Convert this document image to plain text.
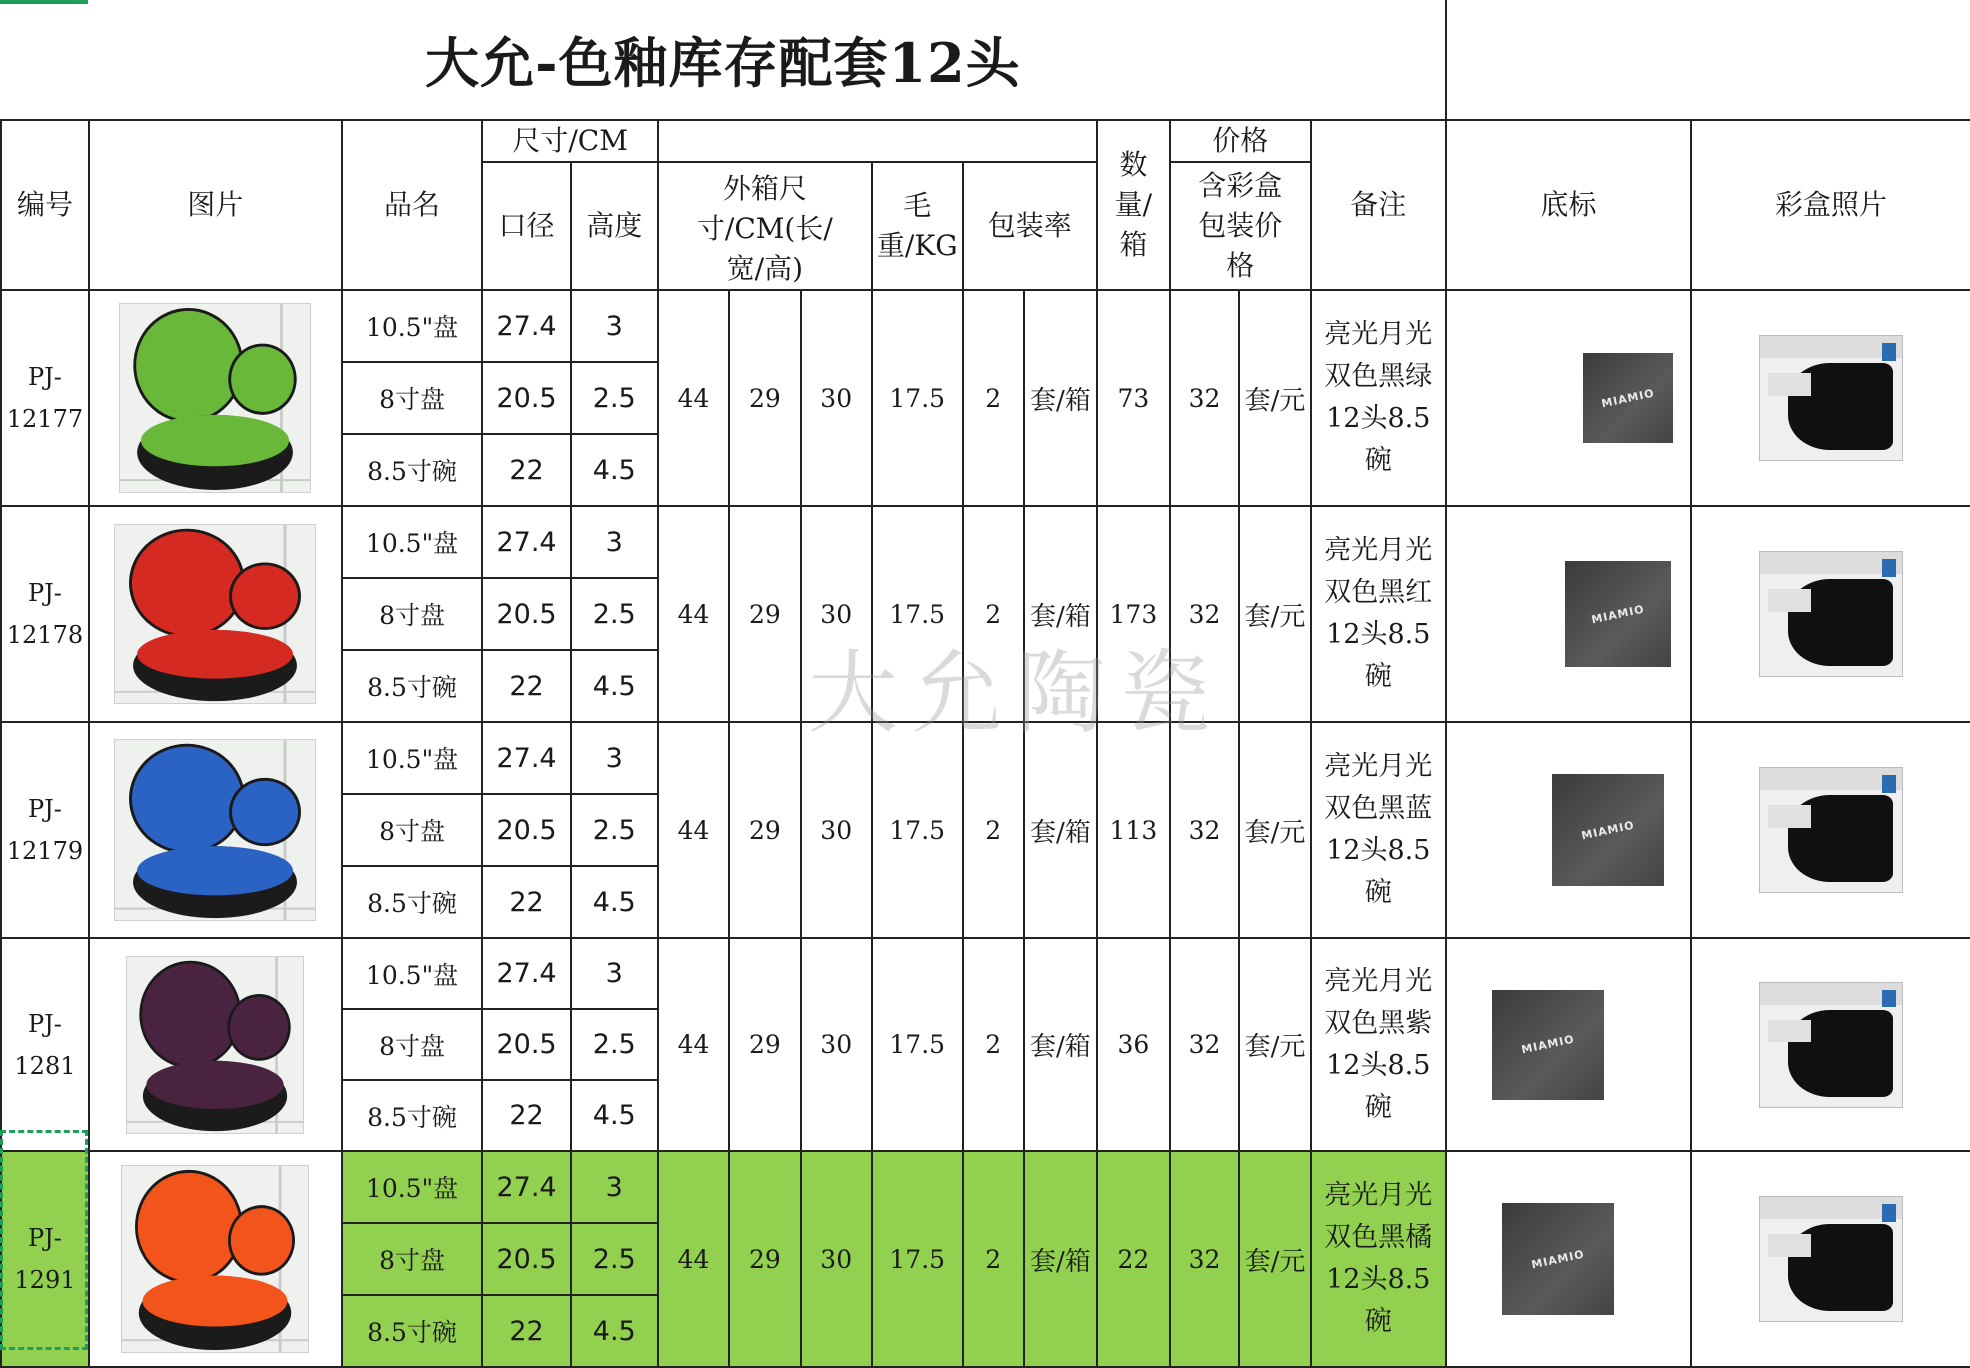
大允-色釉库存配套12头																
编号	图片	品名	尺寸/CM								数量/箱	价格		备注	底标	彩盒照片
			口径	高度	外箱尺寸/CM(长/宽/高)			毛重/KG	包装率			含彩盒包装价格				
PJ-12177		10.5"盘	27.4	3	44	29	30	17.5	2	套/箱	73	32	套/元	亮光月光双色黑绿12头8.5碗	MIAMIO	

		8寸盘	20.5	2.5												
		8.5寸碗	22	4.5												
PJ-12178		10.5"盘	27.4	3	44	29	30	17.5	2	套/箱	173	32	套/元	亮光月光双色黑红12头8.5碗	MIAMIO	

		8寸盘	20.5	2.5												
		8.5寸碗	22	4.5												
PJ-12179		10.5"盘	27.4	3	44	29	30	17.5	2	套/箱	113	32	套/元	亮光月光双色黑蓝12头8.5碗	MIAMIO	

		8寸盘	20.5	2.5												
		8.5寸碗	22	4.5												
PJ-1281		10.5"盘	27.4	3	44	29	30	17.5	2	套/箱	36	32	套/元	亮光月光双色黑紫12头8.5碗	MIAMIO	

		8寸盘	20.5	2.5												
		8.5寸碗	22	4.5												
PJ-1291		10.5"盘	27.4	3	44	29	30	17.5	2	套/箱	22	32	套/元	亮光月光双色黑橘12头8.5碗	MIAMIO	

		8寸盘	20.5	2.5												
		8.5寸碗	22	4.5												
大允陶瓷
